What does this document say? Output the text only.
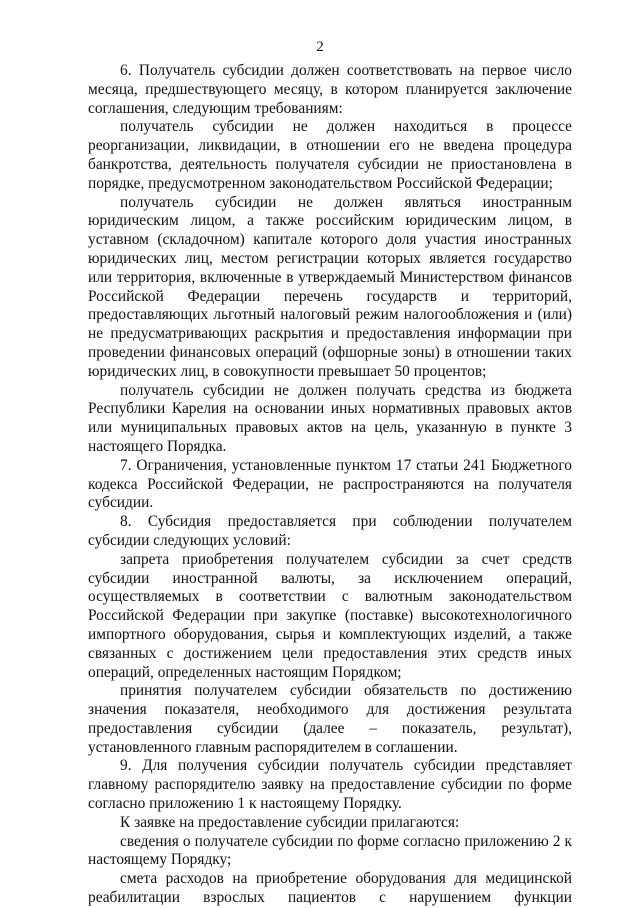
2

6. Получатель субсидии должен соответствовать на первое число месяца, предшествующего месяцу, в котором планируется заключение соглашения, следующим требованиям:

получатель субсидии не должен находиться в процессе реорганизации, ликвидации, в отношении его не введена процедура банкротства, деятельность получателя субсидии не приостановлена в порядке, предусмотренном законодательством Российской Федерации;

получатель субсидии не должен являться иностранным юридическим лицом, а также российским юридическим лицом, в уставном (складочном) капитале которого доля участия иностранных юридических лиц, местом регистрации которых является государство или территория, включенные в утверждаемый Министерством финансов Российской Федерации перечень государств и территорий, предоставляющих льготный налоговый режим налогообложения и (или) не предусматривающих раскрытия и предоставления информации при проведении финансовых операций (офшорные зоны) в отношении таких юридических лиц, в совокупности превышает 50 процентов;

получатель субсидии не должен получать средства из бюджета Республики Карелия на основании иных нормативных правовых актов или муниципальных правовых актов на цель, указанную в пункте 3 настоящего Порядка.

7. Ограничения, установленные пунктом 17 статьи 241 Бюджетного кодекса Российской Федерации, не распространяются на получателя субсидии.

8. Субсидия предоставляется при соблюдении получателем субсидии следующих условий:

запрета приобретения получателем субсидии за счет средств субсидии иностранной валюты, за исключением операций, осуществляемых в соответствии с валютным законодательством Российской Федерации при закупке (поставке) высокотехнологичного импортного оборудования, сырья и комплектующих изделий, а также связанных с достижением цели предоставления этих средств иных операций, определенных настоящим Порядком;

принятия получателем субсидии обязательств по достижению значения показателя, необходимого для достижения результата предоставления субсидии (далее – показатель, результат), установленного главным распорядителем в соглашении.

9. Для получения субсидии получатель субсидии представляет главному распорядителю заявку на предоставление субсидии по форме согласно приложению 1 к настоящему Порядку.

К заявке на предоставление субсидии прилагаются:

сведения о получателе субсидии по форме согласно приложению 2 к настоящему Порядку;

смета расходов на приобретение оборудования для медицинской реабилитации взрослых пациентов с нарушением функции
